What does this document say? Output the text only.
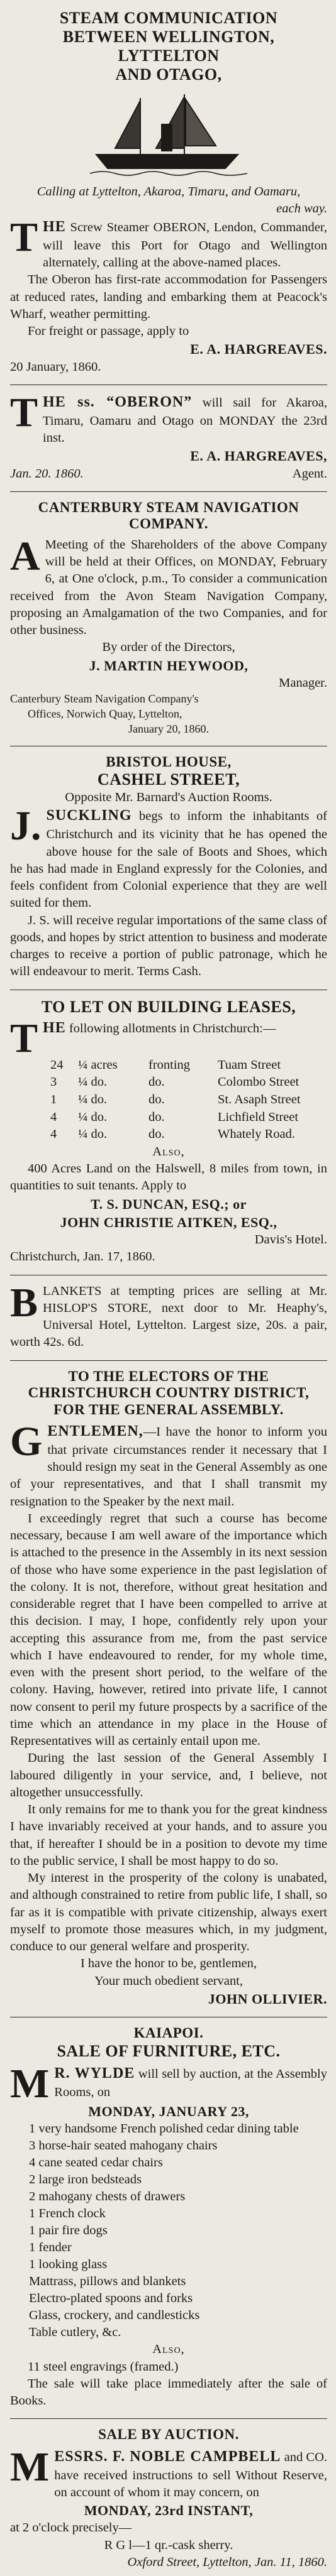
STEAM COMMUNICATION
BETWEEN WELLINGTON, LYTTELTON
AND OTAGO,

Calling at Lyttelton, Akaroa, Timaru, and Oamaru,

each way.

THE Screw Steamer OBERON, Lendon, Commander, will leave this Port for Otago and Wellington alternately, calling at the above-named places.

The Oberon has first-rate accommodation for Passengers at reduced rates, landing and embarking them at Peacock's Wharf, weather permitting.

For freight or passage, apply to

E. A. HARGREAVES.

20 January, 1860.

THE ss. “OBERON” will sail for Akaroa, Timaru, Oamaru and Otago on MONDAY the 23rd inst.

E. A. HARGREAVES,

Jan. 20. 1860.	Agent.

CANTERBURY STEAM NAVIGATION
COMPANY.

A Meeting of the Shareholders of the above Company will be held at their Offices, on MONDAY, February 6, at One o'clock, p.m., To consider a communication received from the Avon Steam Navigation Company, proposing an Amalgamation of the two Companies, and for other business.

By order of the Directors,

J. MARTIN HEYWOOD,

Manager.

Canterbury Steam Navigation Company's

Offices, Norwich Quay, Lyttelton,

January 20, 1860.

BRISTOL HOUSE,
CASHEL STREET,

Opposite Mr. Barnard's Auction Rooms.

J. SUCKLING begs to inform the inhabitants of Christchurch and its vicinity that he has opened the above house for the sale of Boots and Shoes, which he has had made in England expressly for the Colonies, and feels confident from Colonial experience that they are well suited for them.

J. S. will receive regular importations of the same class of goods, and hopes by strict attention to business and moderate charges to receive a portion of public patronage, which he will endeavour to merit. Terms Cash.

TO LET ON BUILDING LEASES,

THE following allotments in Christchurch:—

24	¼ acres	fronting	Tuam Street
3	¼ do.	do.	Colombo Street
1	¼ do.	do.	St. Asaph Street
4	¼ do.	do.	Lichfield Street
4	¼ do.	do.	Whately Road.

Also,

400 Acres Land on the Halswell, 8 miles from town, in quantities to suit tenants. Apply to

T. S. DUNCAN, ESQ.; or

JOHN CHRISTIE AITKEN, ESQ.,

Davis's Hotel.

Christchurch, Jan. 17, 1860.

BLANKETS at tempting prices are selling at Mr. HISLOP'S STORE, next door to Mr. Heaphy's, Universal Hotel, Lyttelton. Largest size, 20s. a pair, worth 42s. 6d.

TO THE ELECTORS OF THE
CHRISTCHURCH COUNTRY DISTRICT,
FOR THE GENERAL ASSEMBLY.

GENTLEMEN,—I have the honor to inform you that private circumstances render it necessary that I should resign my seat in the General Assembly as one of your representatives, and that I shall transmit my resignation to the Speaker by the next mail.

I exceedingly regret that such a course has become necessary, because I am well aware of the importance which is attached to the presence in the Assembly in its next session of those who have some experience in the past legislation of the colony. It is not, therefore, without great hesitation and considerable regret that I have been compelled to arrive at this decision. I may, I hope, confidently rely upon your accepting this assurance from me, from the past service which I have endeavoured to render, for my whole time, even with the present short period, to the welfare of the colony. Having, however, retired into private life, I cannot now consent to peril my future prospects by a sacrifice of the time which an attendance in my place in the House of Representatives will as certainly entail upon me.

During the last session of the General Assembly I laboured diligently in your service, and, I believe, not altogether unsuccessfully.

It only remains for me to thank you for the great kindness I have invariably received at your hands, and to assure you that, if hereafter I should be in a position to devote my time to the public service, I shall be most happy to do so.

My interest in the prosperity of the colony is unabated, and although constrained to retire from public life, I shall, so far as it is compatible with private citizenship, always exert myself to promote those measures which, in my judgment, conduce to our general welfare and prosperity.

I have the honor to be, gentlemen,

Your much obedient servant,

JOHN OLLIVIER.

KAIAPOI.
SALE OF FURNITURE, ETC.

M R. WYLDE will sell by auction, at the Assembly Rooms, on

MONDAY, JANUARY 23,

1 very handsome French polished cedar dining table
3 horse-hair seated mahogany chairs
4 cane seated cedar chairs
2 large iron bedsteads
2 mahogany chests of drawers
1 French clock
1 pair fire dogs
1 fender
1 looking glass
Mattrass, pillows and blankets
Electro-plated spoons and forks
Glass, crockery, and candlesticks
Table cutlery, &c.

Also,

11 steel engravings (framed.)

The sale will take place immediately after the sale of Books.

SALE BY AUCTION.

MESSRS. F. NOBLE CAMPBELL and CO. have received instructions to sell Without Reserve, on account of whom it may concern, on

MONDAY, 23rd INSTANT,

at 2 o'clock precisely—

R G l—1 qr.-cask sherry.

Oxford Street, Lyttelton, Jan. 11, 1860.
